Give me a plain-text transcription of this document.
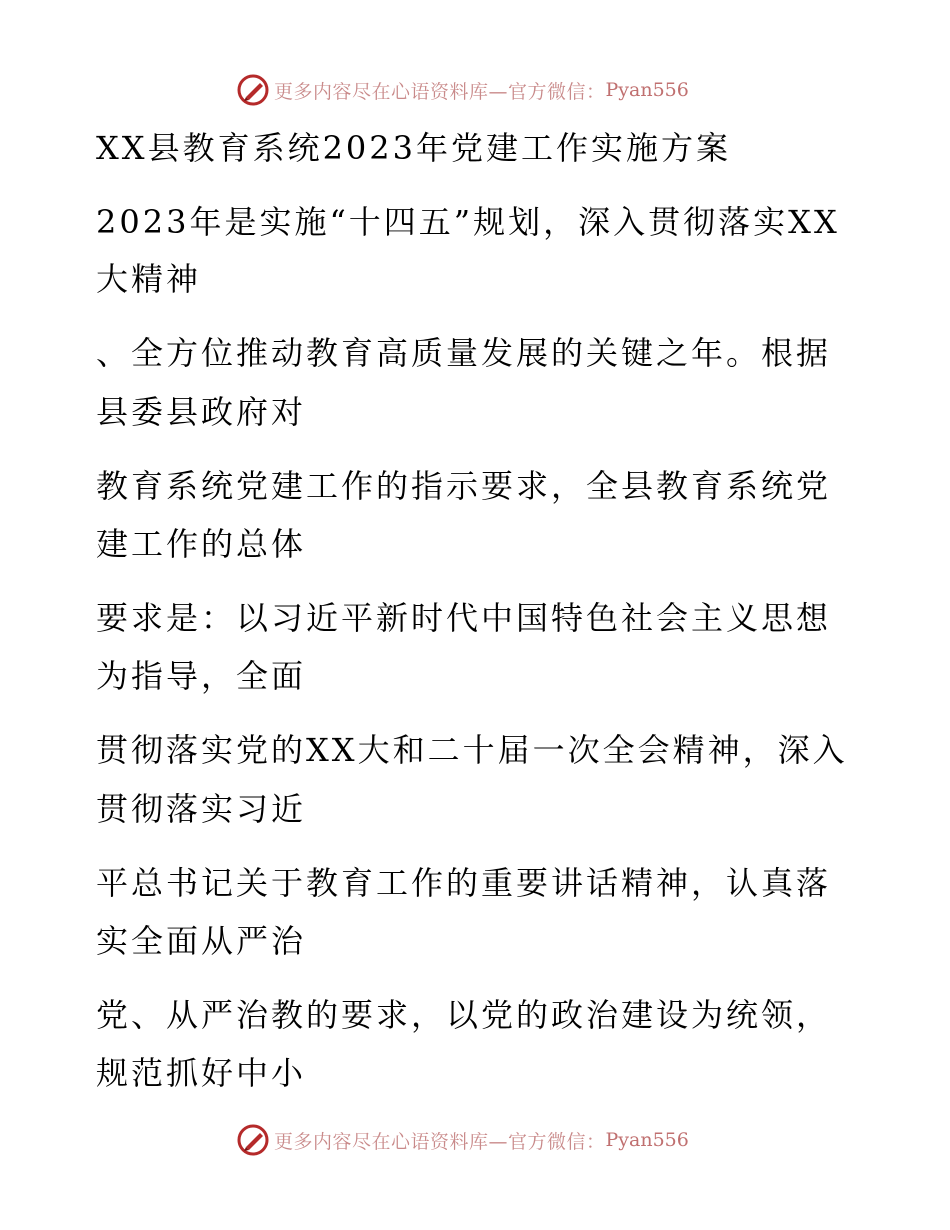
更多内容尽在心语资料库—官方微信： Pyan556
XX县教育系统2023年党建工作实施方案
2023年是实施“十四五”规划，深入贯彻落实XX
大精神
、全方位推动教育高质量发展的关键之年。根据
县委县政府对
教育系统党建工作的指示要求，全县教育系统党
建工作的总体
要求是：以习近平新时代中国特色社会主义思想
为指导，全面
贯彻落实党的XX大和二十届一次全会精神，深入
贯彻落实习近
平总书记关于教育工作的重要讲话精神，认真落
实全面从严治
党、从严治教的要求，以党的政治建设为统领，
规范抓好中小
更多内容尽在心语资料库—官方微信： Pyan556
